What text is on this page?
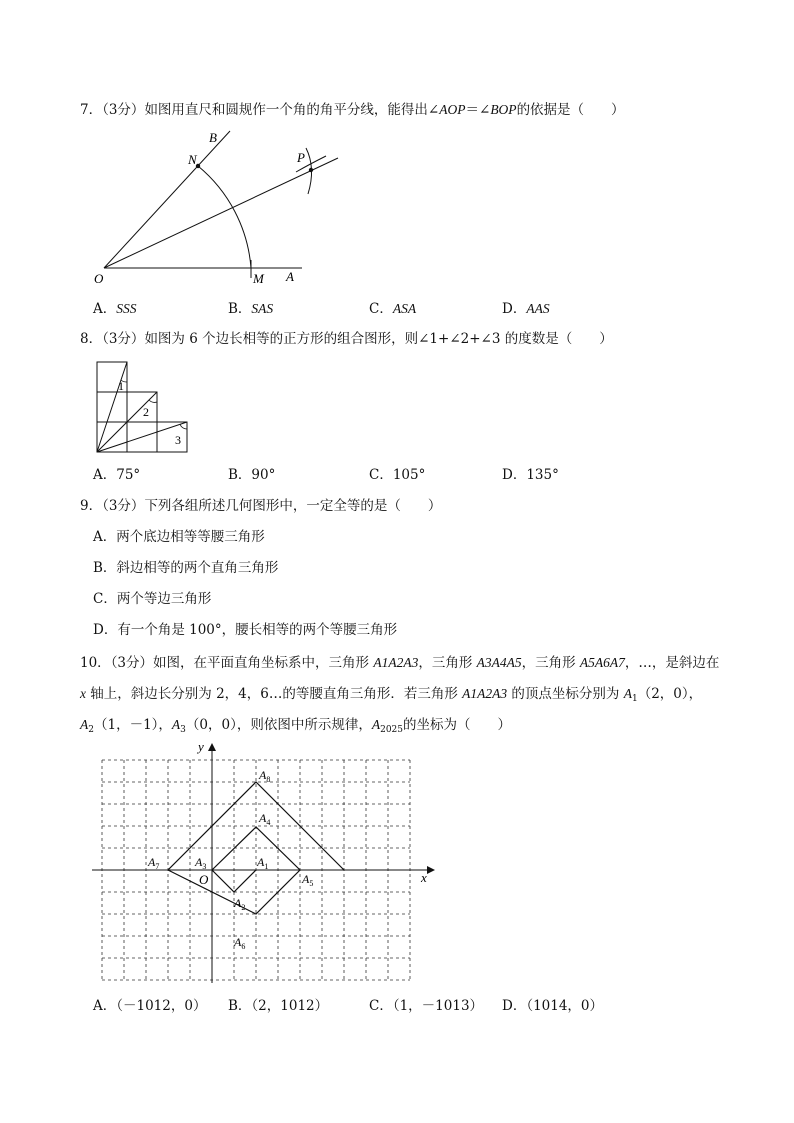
7．（3分）如图用直尺和圆规作一个角的角平分线，能得出∠AOP＝∠BOP的依据是（　　）
B
N	P
O	M A
A．SSS	B．SAS	C．ASA	D．AAS
8．（3分）如图为 6 个边长相等的正方形的组合图形，则∠1+∠2+∠3 的度数是（　　）
1
2
3
A．75°	B．90°	C．105°	D．135°
9．（3分）下列各组所述几何图形中，一定全等的是（　　）
A．两个底边相等等腰三角形
B．斜边相等的两个直角三角形
C．两个等边三角形
D．有一个角是 100°，腰长相等的两个等腰三角形
10．（3分）如图，在平面直角坐标系中，三角形 A1A2A3，三角形 A3A4A5，三角形 A5A6A7，…，是斜边在
x 轴上，斜边长分别为 2，4，6…的等腰直角三角形．若三角形 A1A2A3 的顶点坐标分别为 $A_1(2$，0），
$A_2(1$，－1），$A_3(0$，0），则依图中所示规律，$A_{2025}$的坐标为（　　）
y
x
O
$A_8$
$A_4$
$A_7$	$A_3$	$A_1$
$A_5$
$A_2$
$A_6$
A．（－1012，0） B．（2，1012）	C．（1，－1013） D．（1014，0）
